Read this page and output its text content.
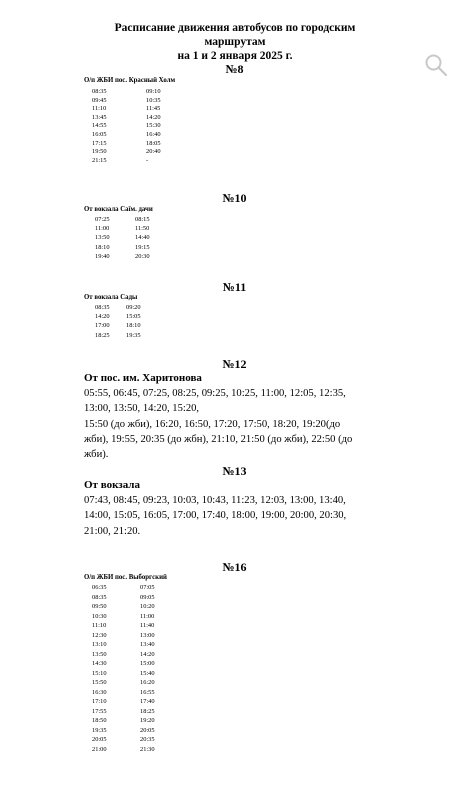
Расписание движения автобусов по городским
маршрутам
на 1 и 2 января 2025 г.
№8
О/п ЖБИ пос. Красный Холм
08:35	09:10
09:45	10:35
11:10	11:45
13:45	14:20
14:55	15:30
16:05	16:40
17:15	18:05
19:50	20:40
21:15	-
№10
От вокзала Саїм. дачи
07:25	08:15
11:00	11:50
13:50	14:40
18:10	19:15
19:40	20:30
№11
От вокзала Сады
08:35	09:20
14:20	15:05
17:00	18:10
18:25	19:35
№12
От пос. им. Харитонова
05:55, 06:45, 07:25, 08:25, 09:25, 10:25, 11:00, 12:05, 12:35,
13:00, 13:50, 14:20, 15:20,
15:50 (до жби), 16:20, 16:50, 17:20, 17:50, 18:20, 19:20(до
жби), 19:55, 20:35 (до жбн), 21:10, 21:50 (до жби), 22:50 (до
жби).
№13
От вокзала
07:43, 08:45, 09:23, 10:03, 10:43, 11:23, 12:03, 13:00, 13:40,
14:00, 15:05, 16:05, 17:00, 17:40, 18:00, 19:00, 20:00, 20:30,
21:00, 21:20.
№16
О/п ЖБИ пос. Выборгский
06:35	07:05
08:35	09:05
09:50	10:20
10:30	11:00
11:10	11:40
12:30	13:00
13:10	13:40
13:50	14:20
14:30	15:00
15:10	15:40
15:50	16:20
16:30	16:55
17:10	17:40
17:55	18:25
18:50	19:20
19:35	20:05
20:05	20:35
21:00	21:30
